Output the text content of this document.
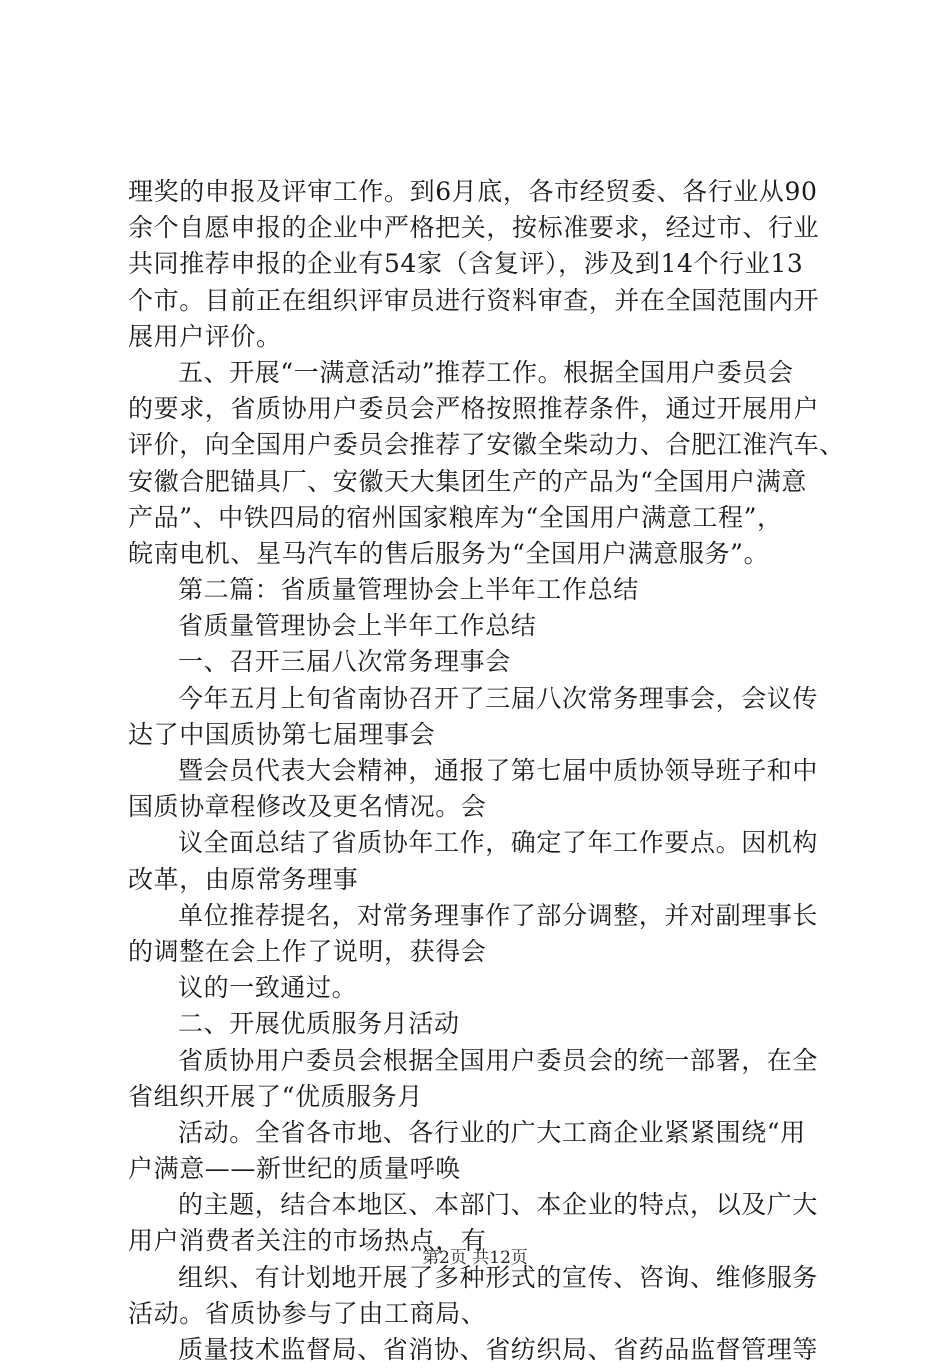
理奖的申报及评审工作。到6月底，各市经贸委、各行业从90
余个自愿申报的企业中严格把关，按标准要求，经过市、行业
共同推荐申报的企业有54家（含复评），涉及到14个行业13
个市。目前正在组织评审员进行资料审查，并在全国范围内开
展用户评价。
五、开展“一满意活动”推荐工作。根据全国用户委员会
的要求，省质协用户委员会严格按照推荐条件，通过开展用户
评价，向全国用户委员会推荐了安徽全柴动力、合肥江淮汽车、
安徽合肥锚具厂、安徽天大集团生产的产品为“全国用户满意
产品”、中铁四局的宿州国家粮库为“全国用户满意工程”，
皖南电机、星马汽车的售后服务为“全国用户满意服务”。
第二篇：省质量管理协会上半年工作总结
省质量管理协会上半年工作总结
一、召开三届八次常务理事会
今年五月上旬省南协召开了三届八次常务理事会，会议传
达了中国质协第七届理事会
暨会员代表大会精神，通报了第七届中质协领导班子和中
国质协章程修改及更名情况。会
议全面总结了省质协年工作，确定了年工作要点。因机构
改革，由原常务理事
单位推荐提名，对常务理事作了部分调整，并对副理事长
的调整在会上作了说明，获得会
议的一致通过。
二、开展优质服务月活动
省质协用户委员会根据全国用户委员会的统一部署，在全
省组织开展了“优质服务月
活动。全省各市地、各行业的广大工商企业紧紧围绕“用
户满意——新世纪的质量呼唤
的主题，结合本地区、本部门、本企业的特点，以及广大
用户消费者关注的市场热点，有
组织、有计划地开展了多种形式的宣传、咨询、维修服务
活动。省质协参与了由工商局、
质量技术监督局、省消协、省纺织局、省药品监督管理等
第2页 共12页
